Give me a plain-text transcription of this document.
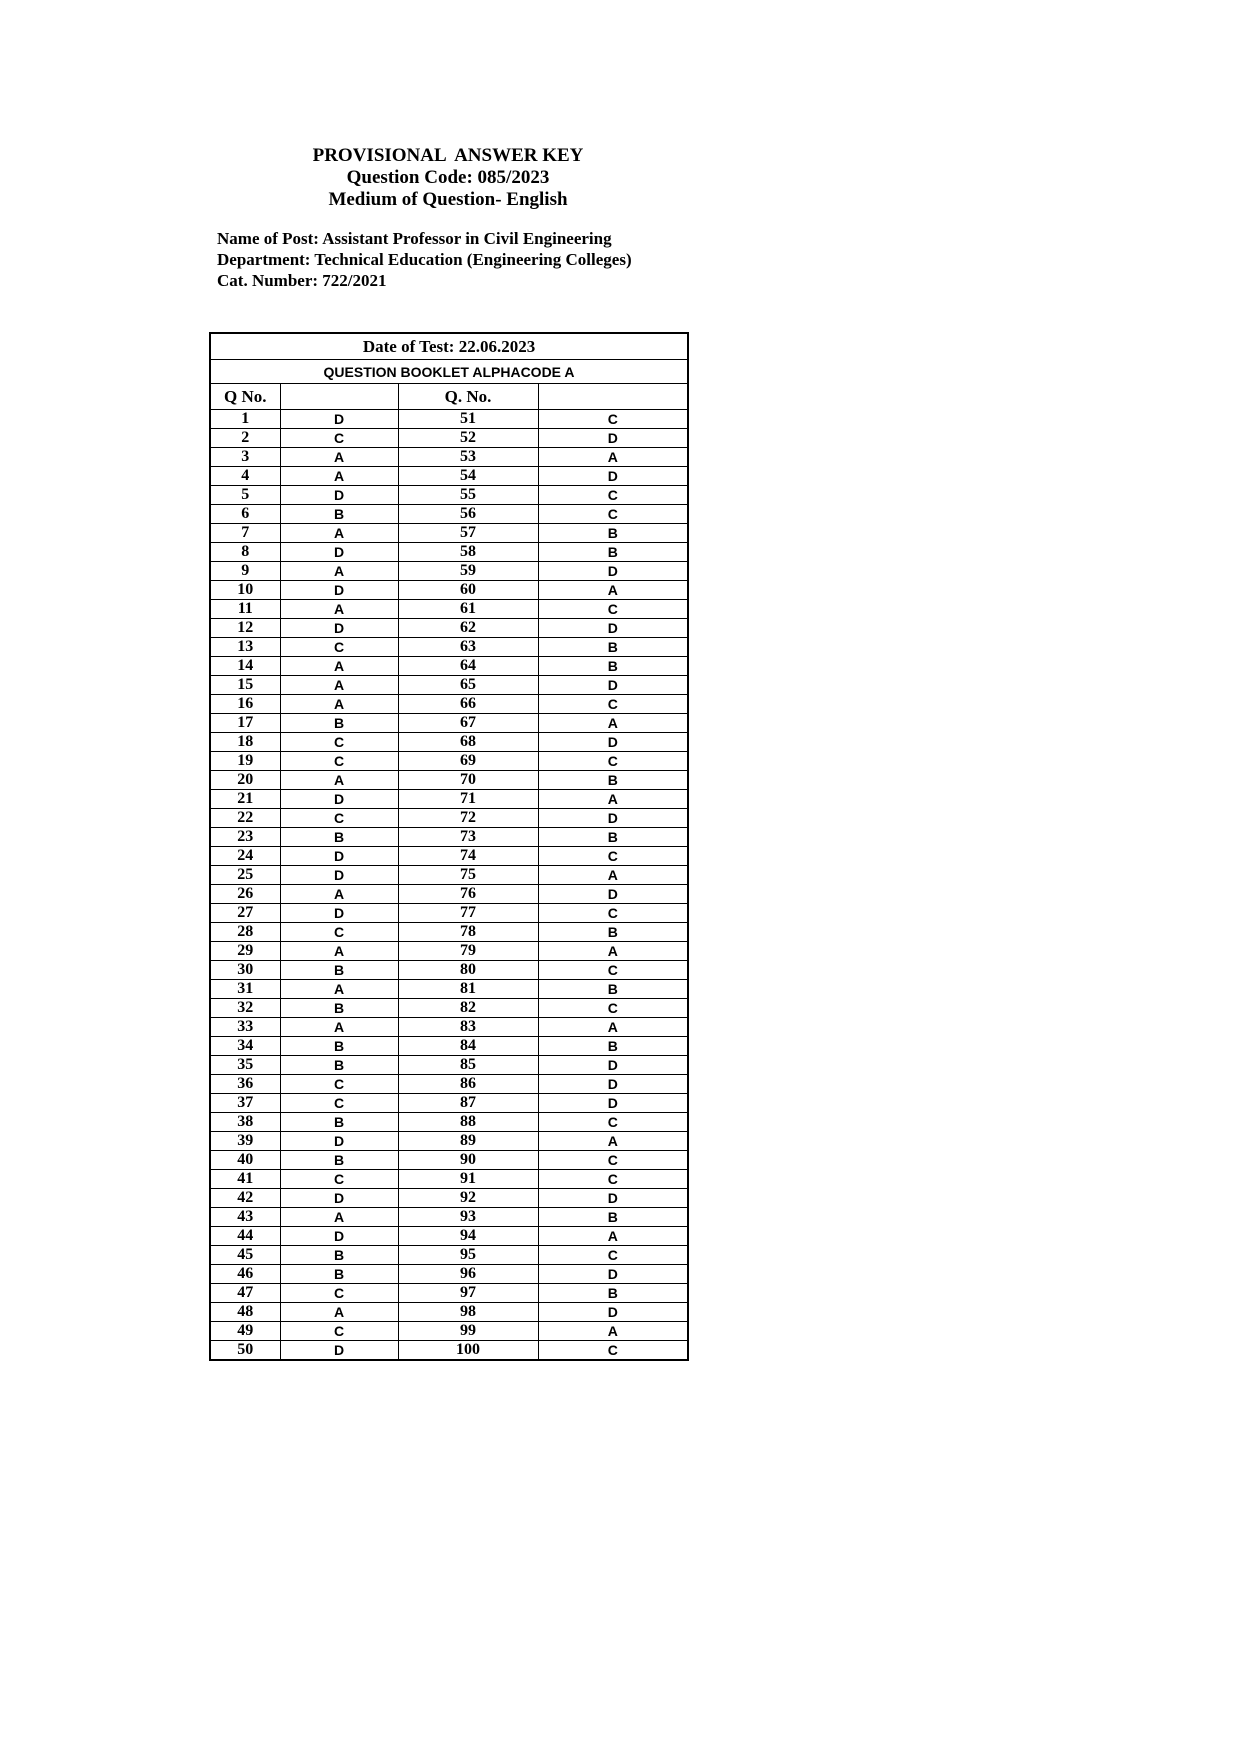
PROVISIONAL  ANSWER KEY
Question Code: 085/2023
Medium of Question- English
Name of Post: Assistant Professor in Civil Engineering
Department: Technical Education (Engineering Colleges)
Cat. Number: 722/2021
Date of Test: 22.06.2023			
QUESTION BOOKLET ALPHACODE A			
Q No.		Q. No.	
1	D	51	C
2	C	52	D
3	A	53	A
4	A	54	D
5	D	55	C
6	B	56	C
7	A	57	B
8	D	58	B
9	A	59	D
10	D	60	A
11	A	61	C
12	D	62	D
13	C	63	B
14	A	64	B
15	A	65	D
16	A	66	C
17	B	67	A
18	C	68	D
19	C	69	C
20	A	70	B
21	D	71	A
22	C	72	D
23	B	73	B
24	D	74	C
25	D	75	A
26	A	76	D
27	D	77	C
28	C	78	B
29	A	79	A
30	B	80	C
31	A	81	B
32	B	82	C
33	A	83	A
34	B	84	B
35	B	85	D
36	C	86	D
37	C	87	D
38	B	88	C
39	D	89	A
40	B	90	C
41	C	91	C
42	D	92	D
43	A	93	B
44	D	94	A
45	B	95	C
46	B	96	D
47	C	97	B
48	A	98	D
49	C	99	A
50	D	100	C
